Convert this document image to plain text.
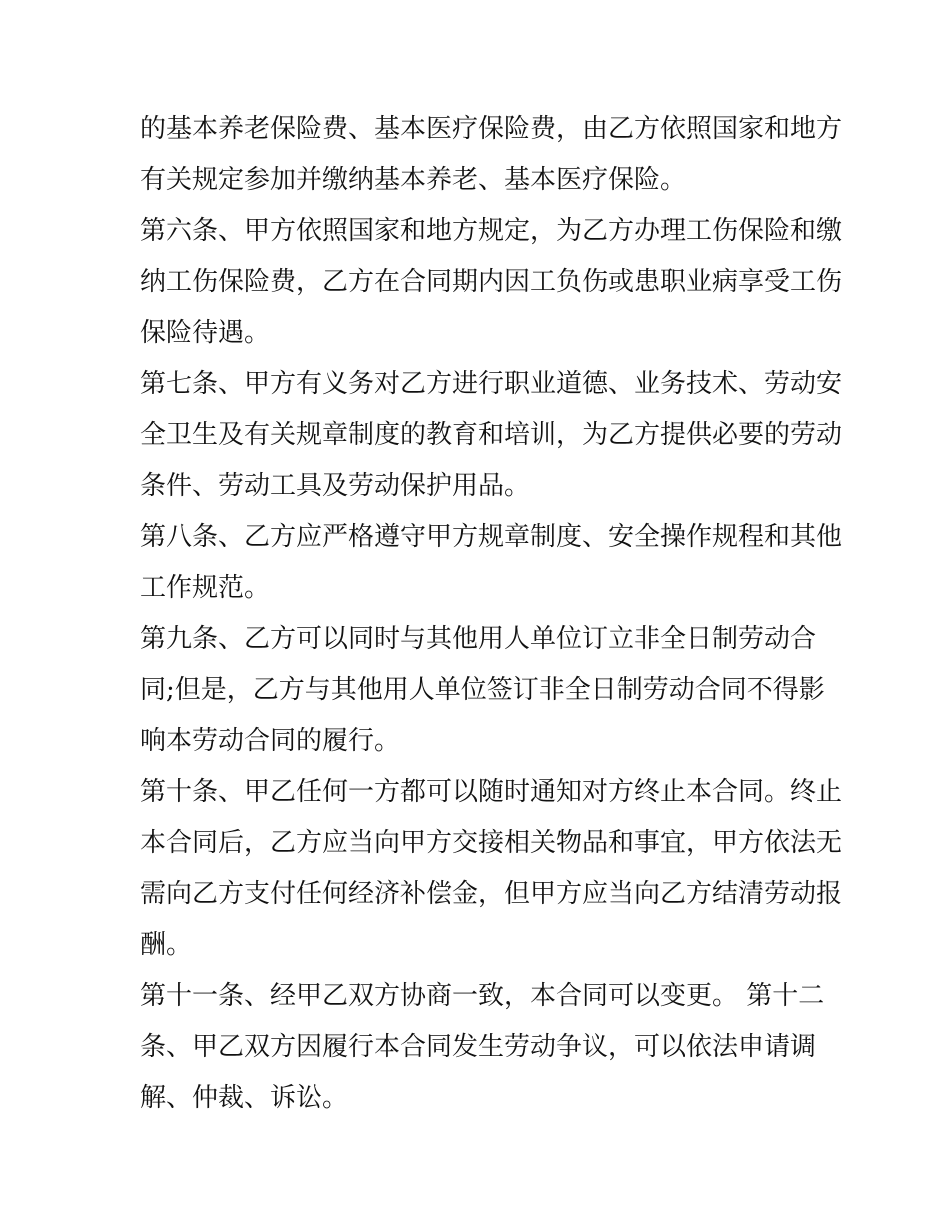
的基本养老保险费、基本医疗保险费，由乙方依照国家和地方
有关规定参加并缴纳基本养老、基本医疗保险。
第六条、甲方依照国家和地方规定，为乙方办理工伤保险和缴
纳工伤保险费，乙方在合同期内因工负伤或患职业病享受工伤
保险待遇。
第七条、甲方有义务对乙方进行职业道德、业务技术、劳动安
全卫生及有关规章制度的教育和培训，为乙方提供必要的劳动
条件、劳动工具及劳动保护用品。
第八条、乙方应严格遵守甲方规章制度、安全操作规程和其他
工作规范。
第九条、乙方可以同时与其他用人单位订立非全日制劳动合
同;但是，乙方与其他用人单位签订非全日制劳动合同不得影
响本劳动合同的履行。
第十条、甲乙任何一方都可以随时通知对方终止本合同。终止
本合同后，乙方应当向甲方交接相关物品和事宜，甲方依法无
需向乙方支付任何经济补偿金，但甲方应当向乙方结清劳动报
酬。
第十一条、经甲乙双方协商一致，本合同可以变更。 第十二
条、甲乙双方因履行本合同发生劳动争议，可以依法申请调
解、仲裁、诉讼。
